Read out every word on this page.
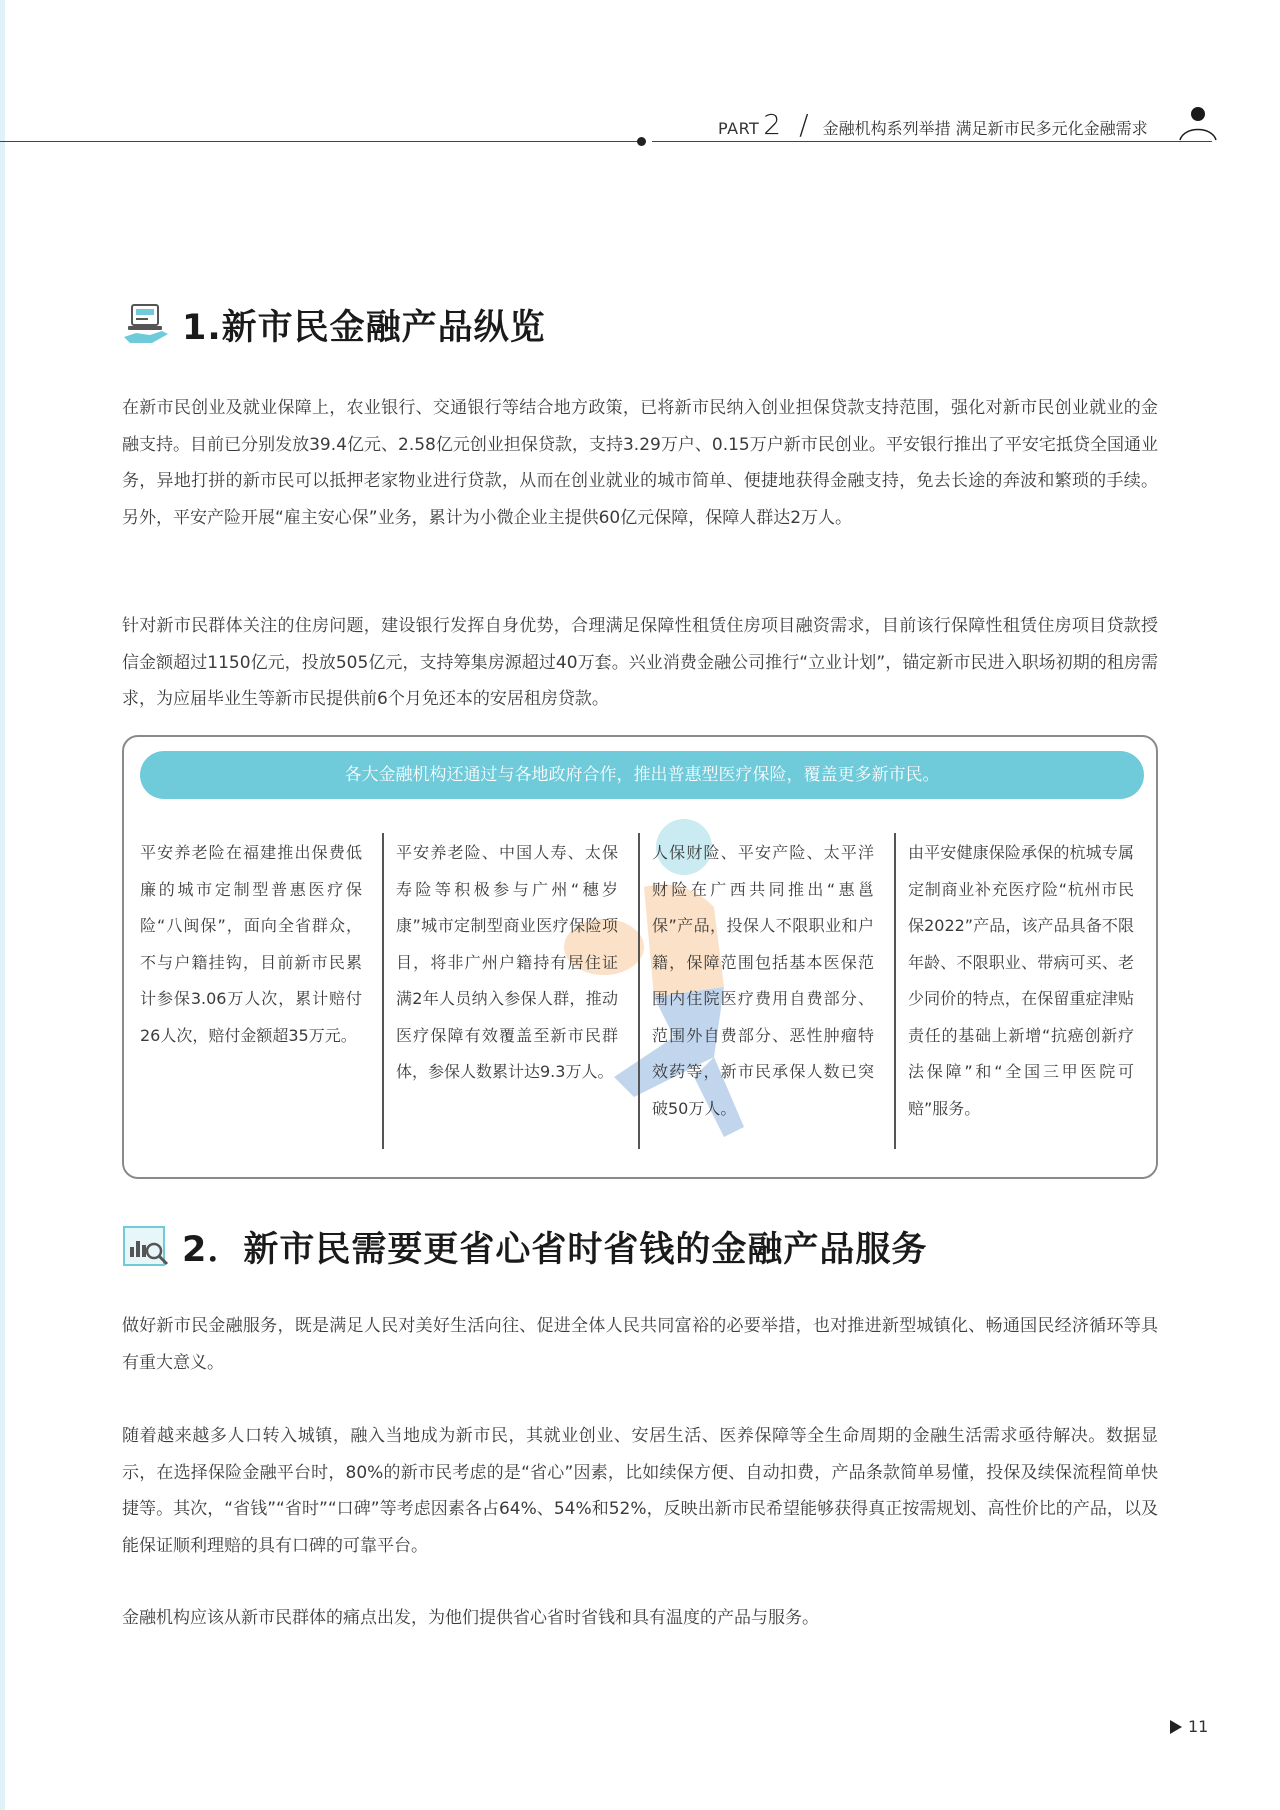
PART 2 / 金融机构系列举措 满足新市民多元化金融需求
1.新市民金融产品纵览
在新市民创业及就业保障上，农业银行、交通银行等结合地方政策，已将新市民纳入创业担保贷款支持范围，强化对新市民创业就业的金融支持。目前已分别发放39.4亿元、2.58亿元创业担保贷款，支持3.29万户、0.15万户新市民创业。平安银行推出了平安宅抵贷全国通业务，异地打拼的新市民可以抵押老家物业进行贷款，从而在创业就业的城市简单、便捷地获得金融支持，免去长途的奔波和繁琐的手续。另外，平安产险开展“雇主安心保”业务，累计为小微企业主提供60亿元保障，保障人群达2万人。
针对新市民群体关注的住房问题，建设银行发挥自身优势，合理满足保障性租赁住房项目融资需求，目前该行保障性租赁住房项目贷款授信金额超过1150亿元，投放505亿元，支持筹集房源超过40万套。兴业消费金融公司推行“立业计划”，锚定新市民进入职场初期的租房需求，为应届毕业生等新市民提供前6个月免还本的安居租房贷款。
各大金融机构还通过与各地政府合作，推出普惠型医疗保险，覆盖更多新市民。
平安养老险在福建推出保费低廉的城市定制型普惠医疗保险“八闽保”，面向全省群众，不与户籍挂钩，目前新市民累计参保3.06万人次，累计赔付26人次，赔付金额超35万元。
平安养老险、中国人寿、太保寿险等积极参与广州“穗岁康”城市定制型商业医疗保险项目，将非广州户籍持有居住证满2年人员纳入参保人群，推动医疗保障有效覆盖至新市民群体，参保人数累计达9.3万人。
人保财险、平安产险、太平洋财险在广西共同推出“惠邕保”产品，投保人不限职业和户籍，保障范围包括基本医保范围内住院医疗费用自费部分、范围外自费部分、恶性肿瘤特效药等，新市民承保人数已突破50万人。
由平安健康保险承保的杭城专属定制商业补充医疗险“杭州市民保2022”产品，该产品具备不限年龄、不限职业、带病可买、老少同价的特点，在保留重症津贴责任的基础上新增“抗癌创新疗法保障”和“全国三甲医院可赔”服务。
2．新市民需要更省心省时省钱的金融产品服务
做好新市民金融服务，既是满足人民对美好生活向往、促进全体人民共同富裕的必要举措，也对推进新型城镇化、畅通国民经济循环等具有重大意义。
随着越来越多人口转入城镇，融入当地成为新市民，其就业创业、安居生活、医养保障等全生命周期的金融生活需求亟待解决。数据显示，在选择保险金融平台时，80%的新市民考虑的是“省心”因素，比如续保方便、自动扣费，产品条款简单易懂，投保及续保流程简单快捷等。其次，“省钱”“省时”“口碑”等考虑因素各占64%、54%和52%，反映出新市民希望能够获得真正按需规划、高性价比的产品，以及能保证顺利理赔的具有口碑的可靠平台。
金融机构应该从新市民群体的痛点出发，为他们提供省心省时省钱和具有温度的产品与服务。
11
